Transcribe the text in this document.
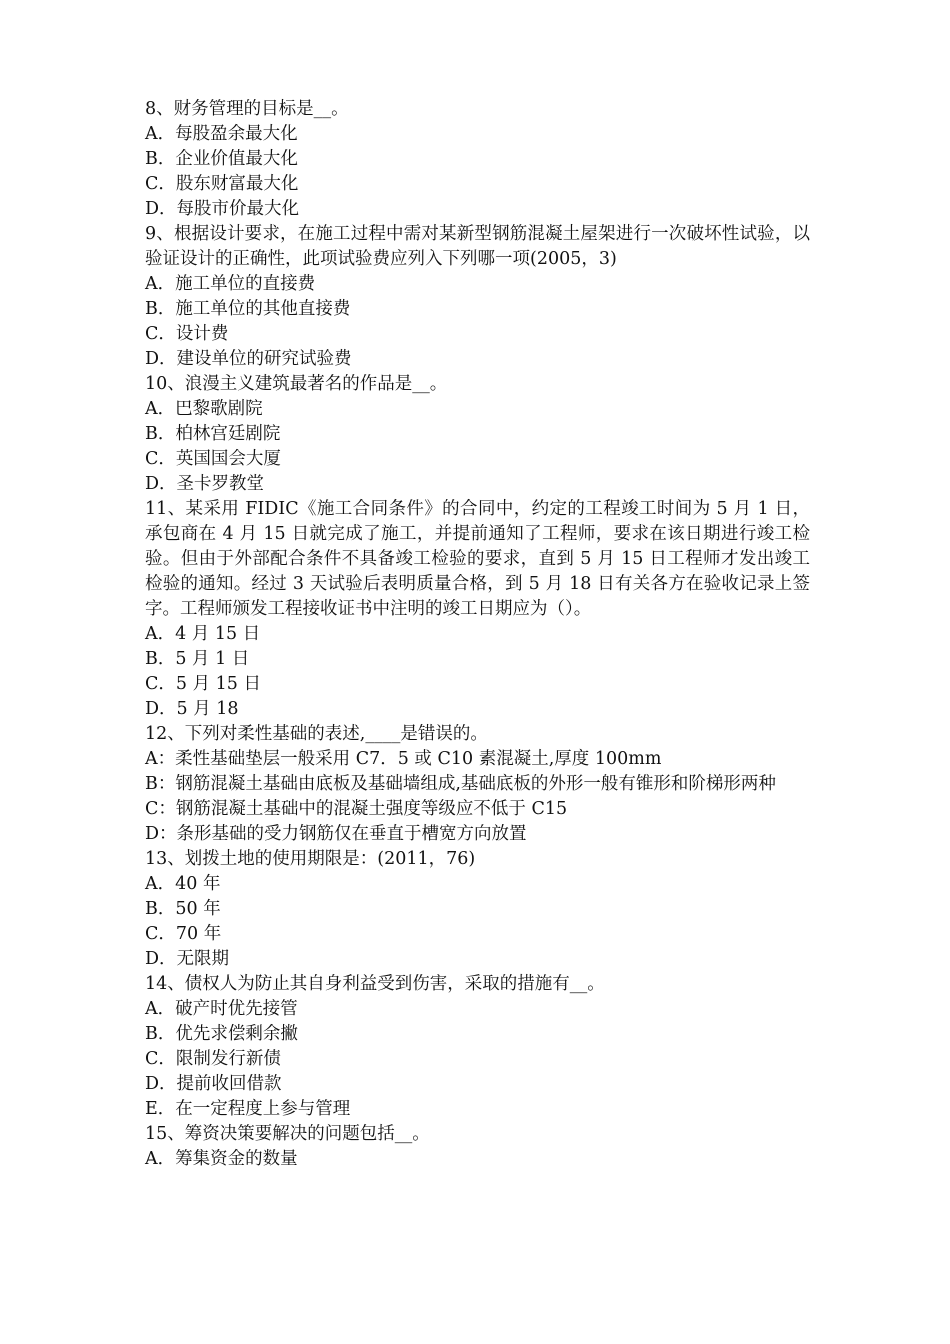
8、财务管理的目标是__。
A．每股盈余最大化
B．企业价值最大化
C．股东财富最大化
D．每股市价最大化
9、根据设计要求，在施工过程中需对某新型钢筋混凝土屋架进行一次破坏性试验，以验证设计的正确性，此项试验费应列入下列哪一项(2005，3)
A．施工单位的直接费
B．施工单位的其他直接费
C．设计费
D．建设单位的研究试验费
10、浪漫主义建筑最著名的作品是__。
A．巴黎歌剧院
B．柏林宫廷剧院
C．英国国会大厦
D．圣卡罗教堂
11、某采用 FIDIC《施工合同条件》的合同中，约定的工程竣工时间为 5 月 1 日，承包商在 4 月 15 日就完成了施工，并提前通知了工程师，要求在该日期进行竣工检验。但由于外部配合条件不具备竣工检验的要求，直到 5 月 15 日工程师才发出竣工检验的通知。经过 3 天试验后表明质量合格，到 5 月 18 日有关各方在验收记录上签字。工程师颁发工程接收证书中注明的竣工日期应为（）。
A．4 月 15 日
B．5 月 1 日
C．5 月 15 日
D．5 月 18
12、下列对柔性基础的表述,____是错误的。
A：柔性基础垫层一般采用 C7．5 或 C10 素混凝土,厚度 100mm
B：钢筋混凝土基础由底板及基础墙组成,基础底板的外形一般有锥形和阶梯形两种
C：钢筋混凝土基础中的混凝土强度等级应不低于 C15
D：条形基础的受力钢筋仅在垂直于槽宽方向放置
13、划拨土地的使用期限是：(2011，76)
A．40 年
B．50 年
C．70 年
D．无限期
14、债权人为防止其自身利益受到伤害，采取的措施有__。
A．破产时优先接管
B．优先求偿剩余撇
C．限制发行新债
D．提前收回借款
E．在一定程度上参与管理
15、筹资决策要解决的问题包括__。
A．筹集资金的数量
